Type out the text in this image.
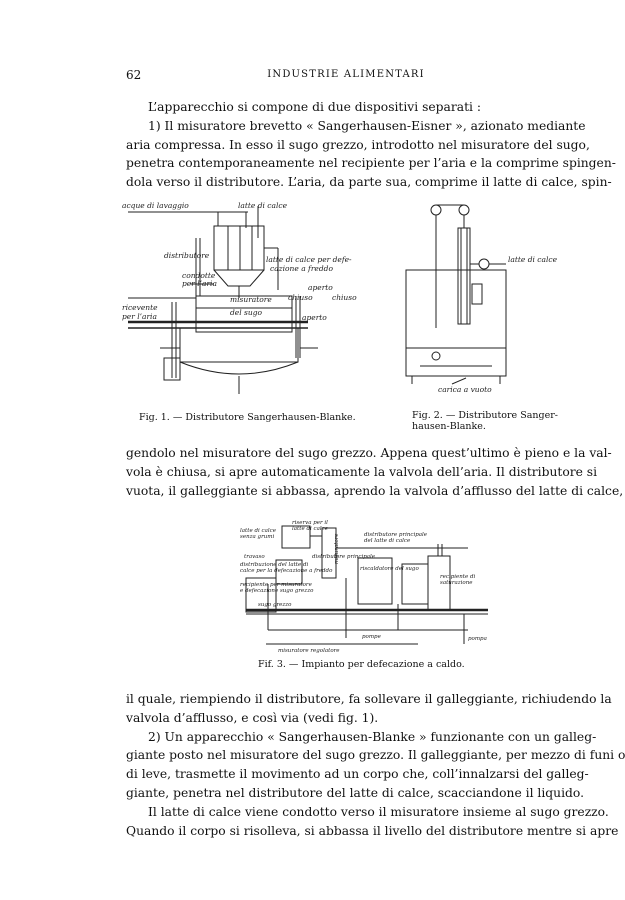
62	INDUSTRIE ALIMENTARI
L’apparecchio si compone di due dispositivi separati :
1) Il misuratore brevetto « Sangerhausen-Eisner », azionato mediante
aria compressa. In esso il sugo grezzo, introdotto nel misuratore del sugo,
penetra contemporaneamente nel recipiente per l’aria e la comprime spingen-
dola verso il distributore. L’aria, da parte sua, comprime il latte di calce, spin-
acque di lavaggio	latte di calce
distributore	latte di calce per defe-
cazione a freddo
condotte
per l’aria
misuratore
del sugo
aperto
chiuso	chiuso
aperto
ricevente
per l’aria

Fig. 1. — Distributore Sangerhausen-Blanke.

latte di calce
carica a vuoto

Fig. 2. — Distributore Sanger-
hausen-Blanke.

gendolo nel misuratore del sugo grezzo. Appena quest’ultimo è pieno e la val-
vola è chiusa, si apre automaticamente la valvola dell’aria. Il distributore si
vuota, il galleggiante si abbassa, aprendo la valvola d’afflusso del latte di calce,
riserva per il
latte di calce
latte di calce
senza grumi
travaso	misuratore	distributore principale
del latte di calce
distributore principale
distribuzione del latte di
calce per la defecazione a freddo
recipiente per misuratore
e defecazione sugo grezzo
riscaldatore del sugo
recipiente di
saturazione
sugo grezzo
pompe	pompa
misuratore regolatore

Fif. 3. — Impianto per defecazione a caldo.

il quale, riempiendo il distributore, fa sollevare il galleggiante, richiudendo la
valvola d’afflusso, e così via (vedi fig. 1).
2) Un apparecchio « Sangerhausen-Blanke » funzionante con un galleg-
giante posto nel misuratore del sugo grezzo. Il galleggiante, per mezzo di funi o
di leve, trasmette il movimento ad un corpo che, coll’innalzarsi del galleg-
giante, penetra nel distributore del latte di calce, scacciandone il liquido.
Il latte di calce viene condotto verso il misuratore insieme al sugo grezzo.
Quando il corpo si risolleva, si abbassa il livello del distributore mentre si apre
